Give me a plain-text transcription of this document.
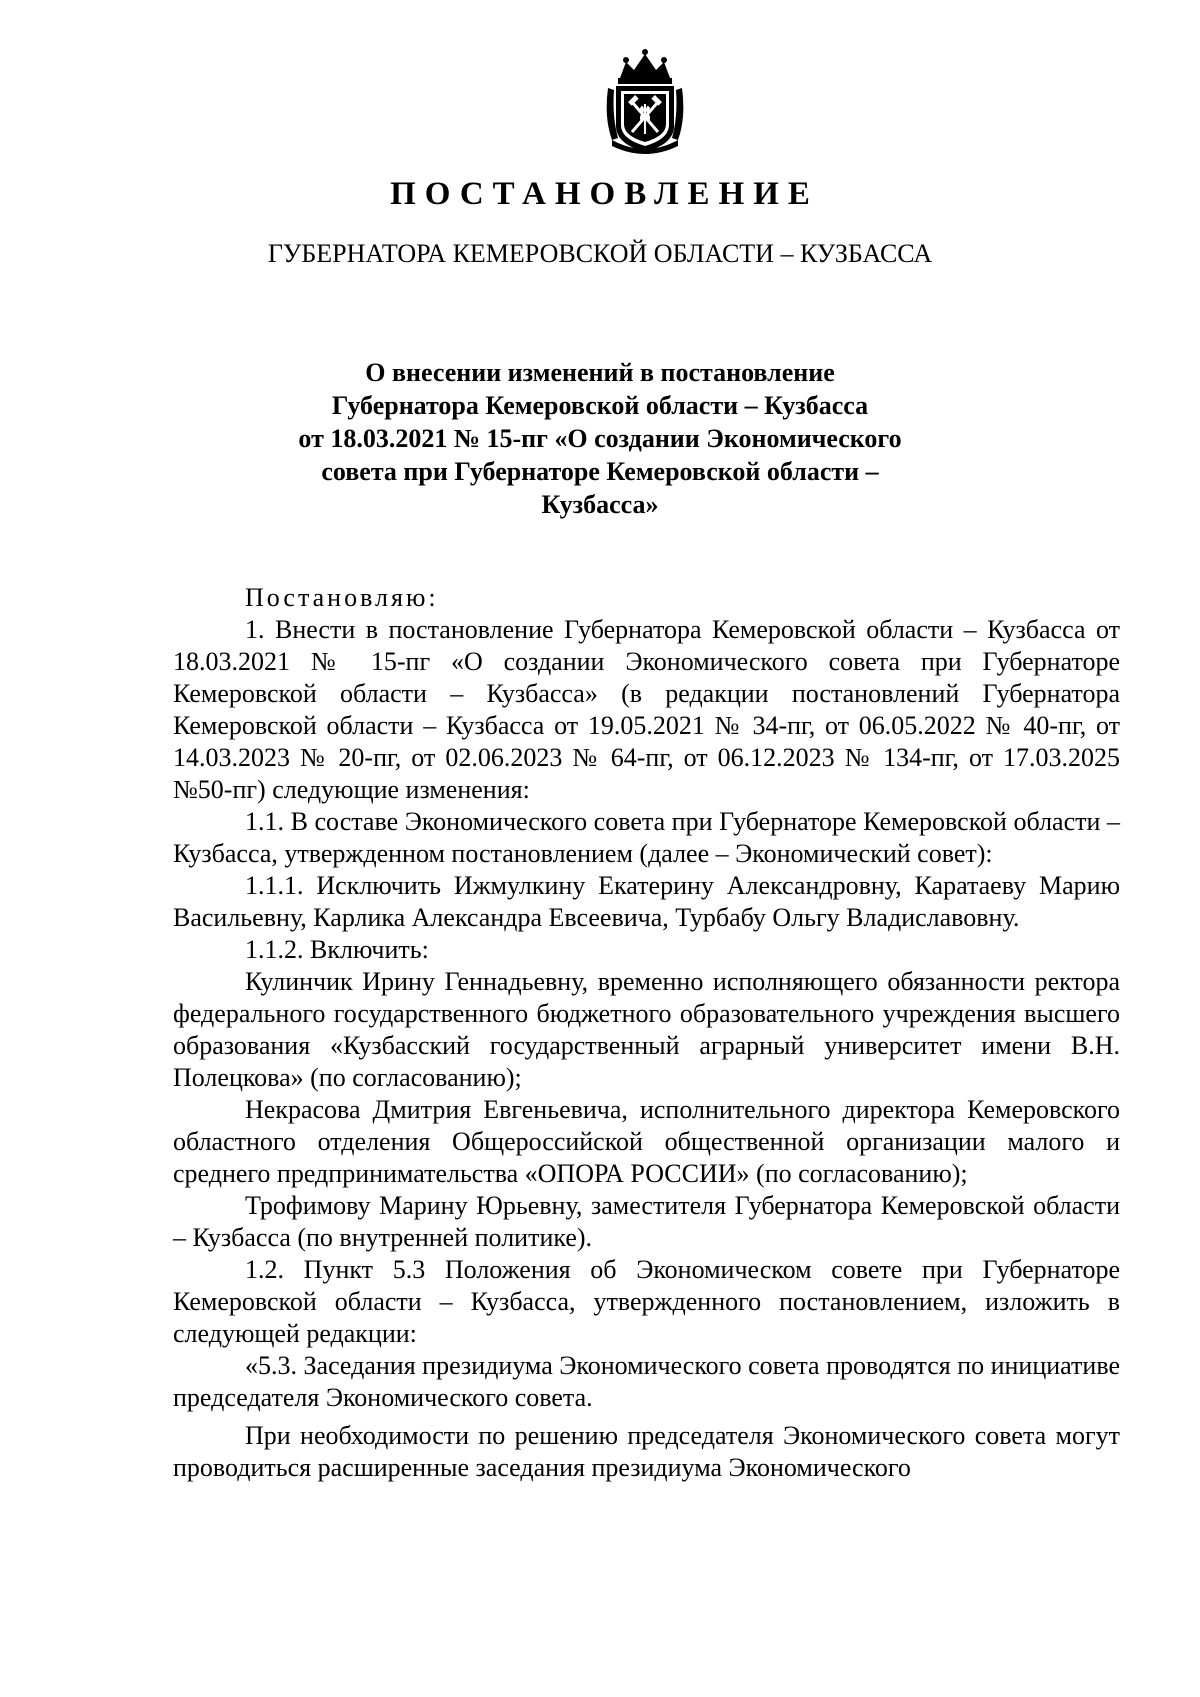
ПОСТАНОВЛЕНИЕ
ГУБЕРНАТОРА КЕМЕРОВСКОЙ ОБЛАСТИ – КУЗБАССА
О внесении изменений в постановление
Губернатора Кемеровской области – Кузбасса
от 18.03.2021 № 15-пг «О создании Экономического
совета при Губернаторе Кемеровской области –
Кузбасса»

Постановляю:

1. Внести в постановление Губернатора Кемеровской области – Кузбасса от 18.03.2021 № 15-пг «О создании Экономического совета при Губернаторе Кемеровской области – Кузбасса» (в редакции постановлений Губернатора Кемеровской области – Кузбасса от 19.05.2021 № 34-пг, от 06.05.2022 № 40-пг, от 14.03.2023 № 20-пг, от 02.06.2023 № 64-пг, от 06.12.2023 № 134-пг, от 17.03.2025 №50-пг) следующие изменения:

1.1. В составе Экономического совета при Губернаторе Кемеровской области – Кузбасса, утвержденном постановлением (далее – Экономический совет):

1.1.1. Исключить Ижмулкину Екатерину Александровну, Каратаеву Марию Васильевну, Карлика Александра Евсеевича, Турбабу Ольгу Владиславовну.

1.1.2. Включить:

Кулинчик Ирину Геннадьевну, временно исполняющего обязанности ректора федерального государственного бюджетного образовательного учреждения высшего образования «Кузбасский государственный аграрный университет имени В.Н. Полецкова» (по согласованию);

Некрасова Дмитрия Евгеньевича, исполнительного директора Кемеровского областного отделения Общероссийской общественной организации малого и среднего предпринимательства «ОПОРА РОССИИ» (по согласованию);

Трофимову Марину Юрьевну, заместителя Губернатора Кемеровской области – Кузбасса (по внутренней политике).

1.2. Пункт 5.3 Положения об Экономическом совете при Губернаторе Кемеровской области – Кузбасса, утвержденного постановлением, изложить в следующей редакции:

«5.3. Заседания президиума Экономического совета проводятся по инициативе председателя Экономического совета.

При необходимости по решению председателя Экономического совета могут проводиться расширенные заседания президиума Экономического
